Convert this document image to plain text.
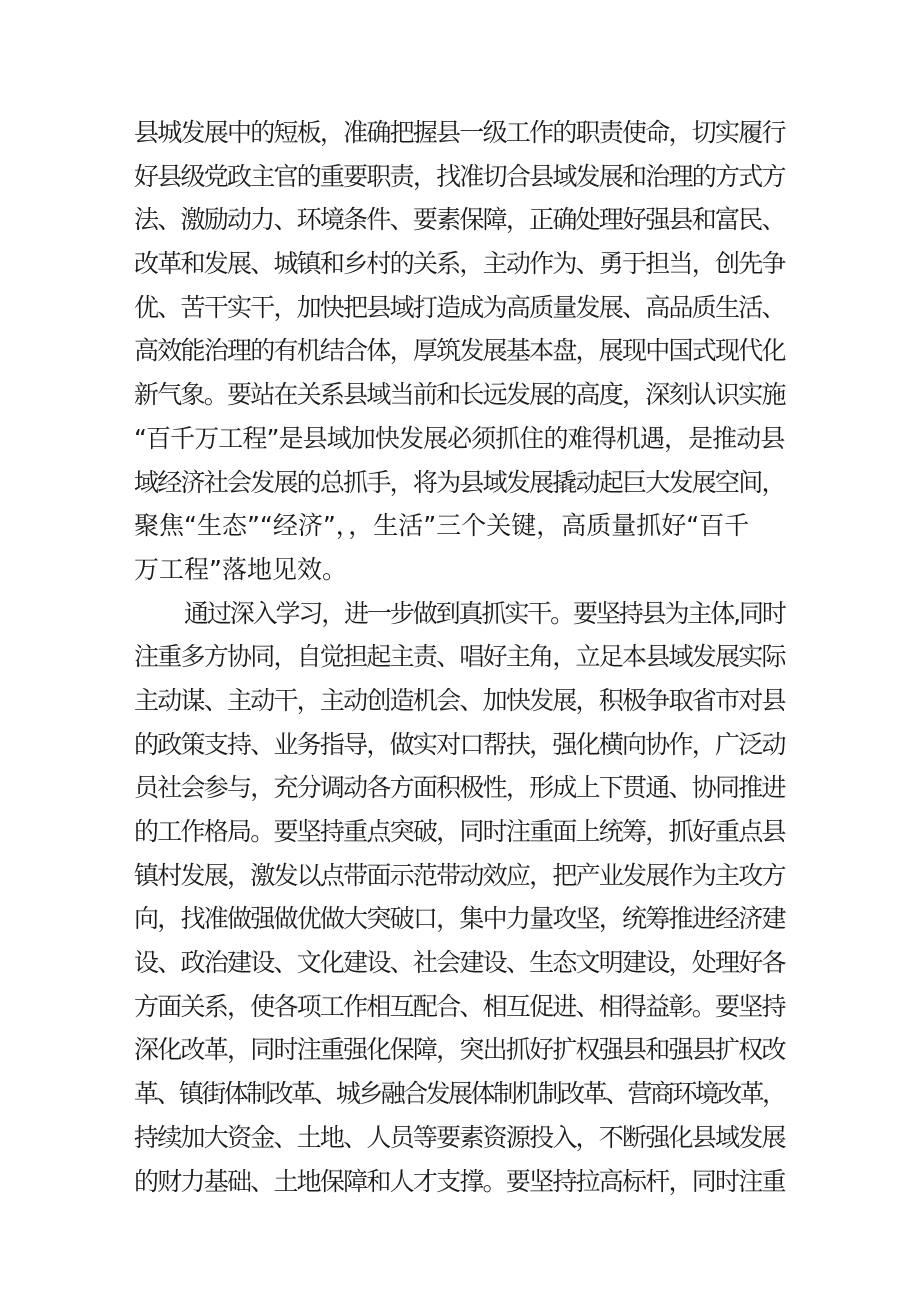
县城发展中的短板，准确把握县一级工作的职责使命，切实履行
好县级党政主官的重要职责，找准切合县域发展和治理的方式方
法、激励动力、环境条件、要素保障，正确处理好强县和富民、
改革和发展、城镇和乡村的关系，主动作为、勇于担当，创先争
优、苦干实干，加快把县域打造成为高质量发展、高品质生活、
高效能治理的有机结合体，厚筑发展基本盘，展现中国式现代化
新气象。要站在关系县域当前和长远发展的高度，深刻认识实施
“百千万工程”是县域加快发展必须抓住的难得机遇，是推动县
域经济社会发展的总抓手，将为县域发展撬动起巨大发展空间，
聚焦“生态”“经济”，，生活”三个关键，高质量抓好“百千
万工程”落地见效。
通过深入学习，进一步做到真抓实干。要坚持县为主体,同时
注重多方协同，自觉担起主责、唱好主角，立足本县域发展实际
主动谋、主动干，主动创造机会、加快发展，积极争取省市对县
的政策支持、业务指导，做实对口帮扶，强化横向协作，广泛动
员社会参与，充分调动各方面积极性，形成上下贯通、协同推进
的工作格局。要坚持重点突破，同时注重面上统筹，抓好重点县
镇村发展，激发以点带面示范带动效应，把产业发展作为主攻方
向，找准做强做优做大突破口，集中力量攻坚，统筹推进经济建
设、政治建设、文化建设、社会建设、生态文明建设，处理好各
方面关系，使各项工作相互配合、相互促进、相得益彰。要坚持
深化改革，同时注重强化保障，突出抓好扩权强县和强县扩权改
革、镇街体制改革、城乡融合发展体制机制改革、营商环境改革，
持续加大资金、土地、人员等要素资源投入，不断强化县域发展
的财力基础、土地保障和人才支撑。要坚持拉高标杆，同时注重
